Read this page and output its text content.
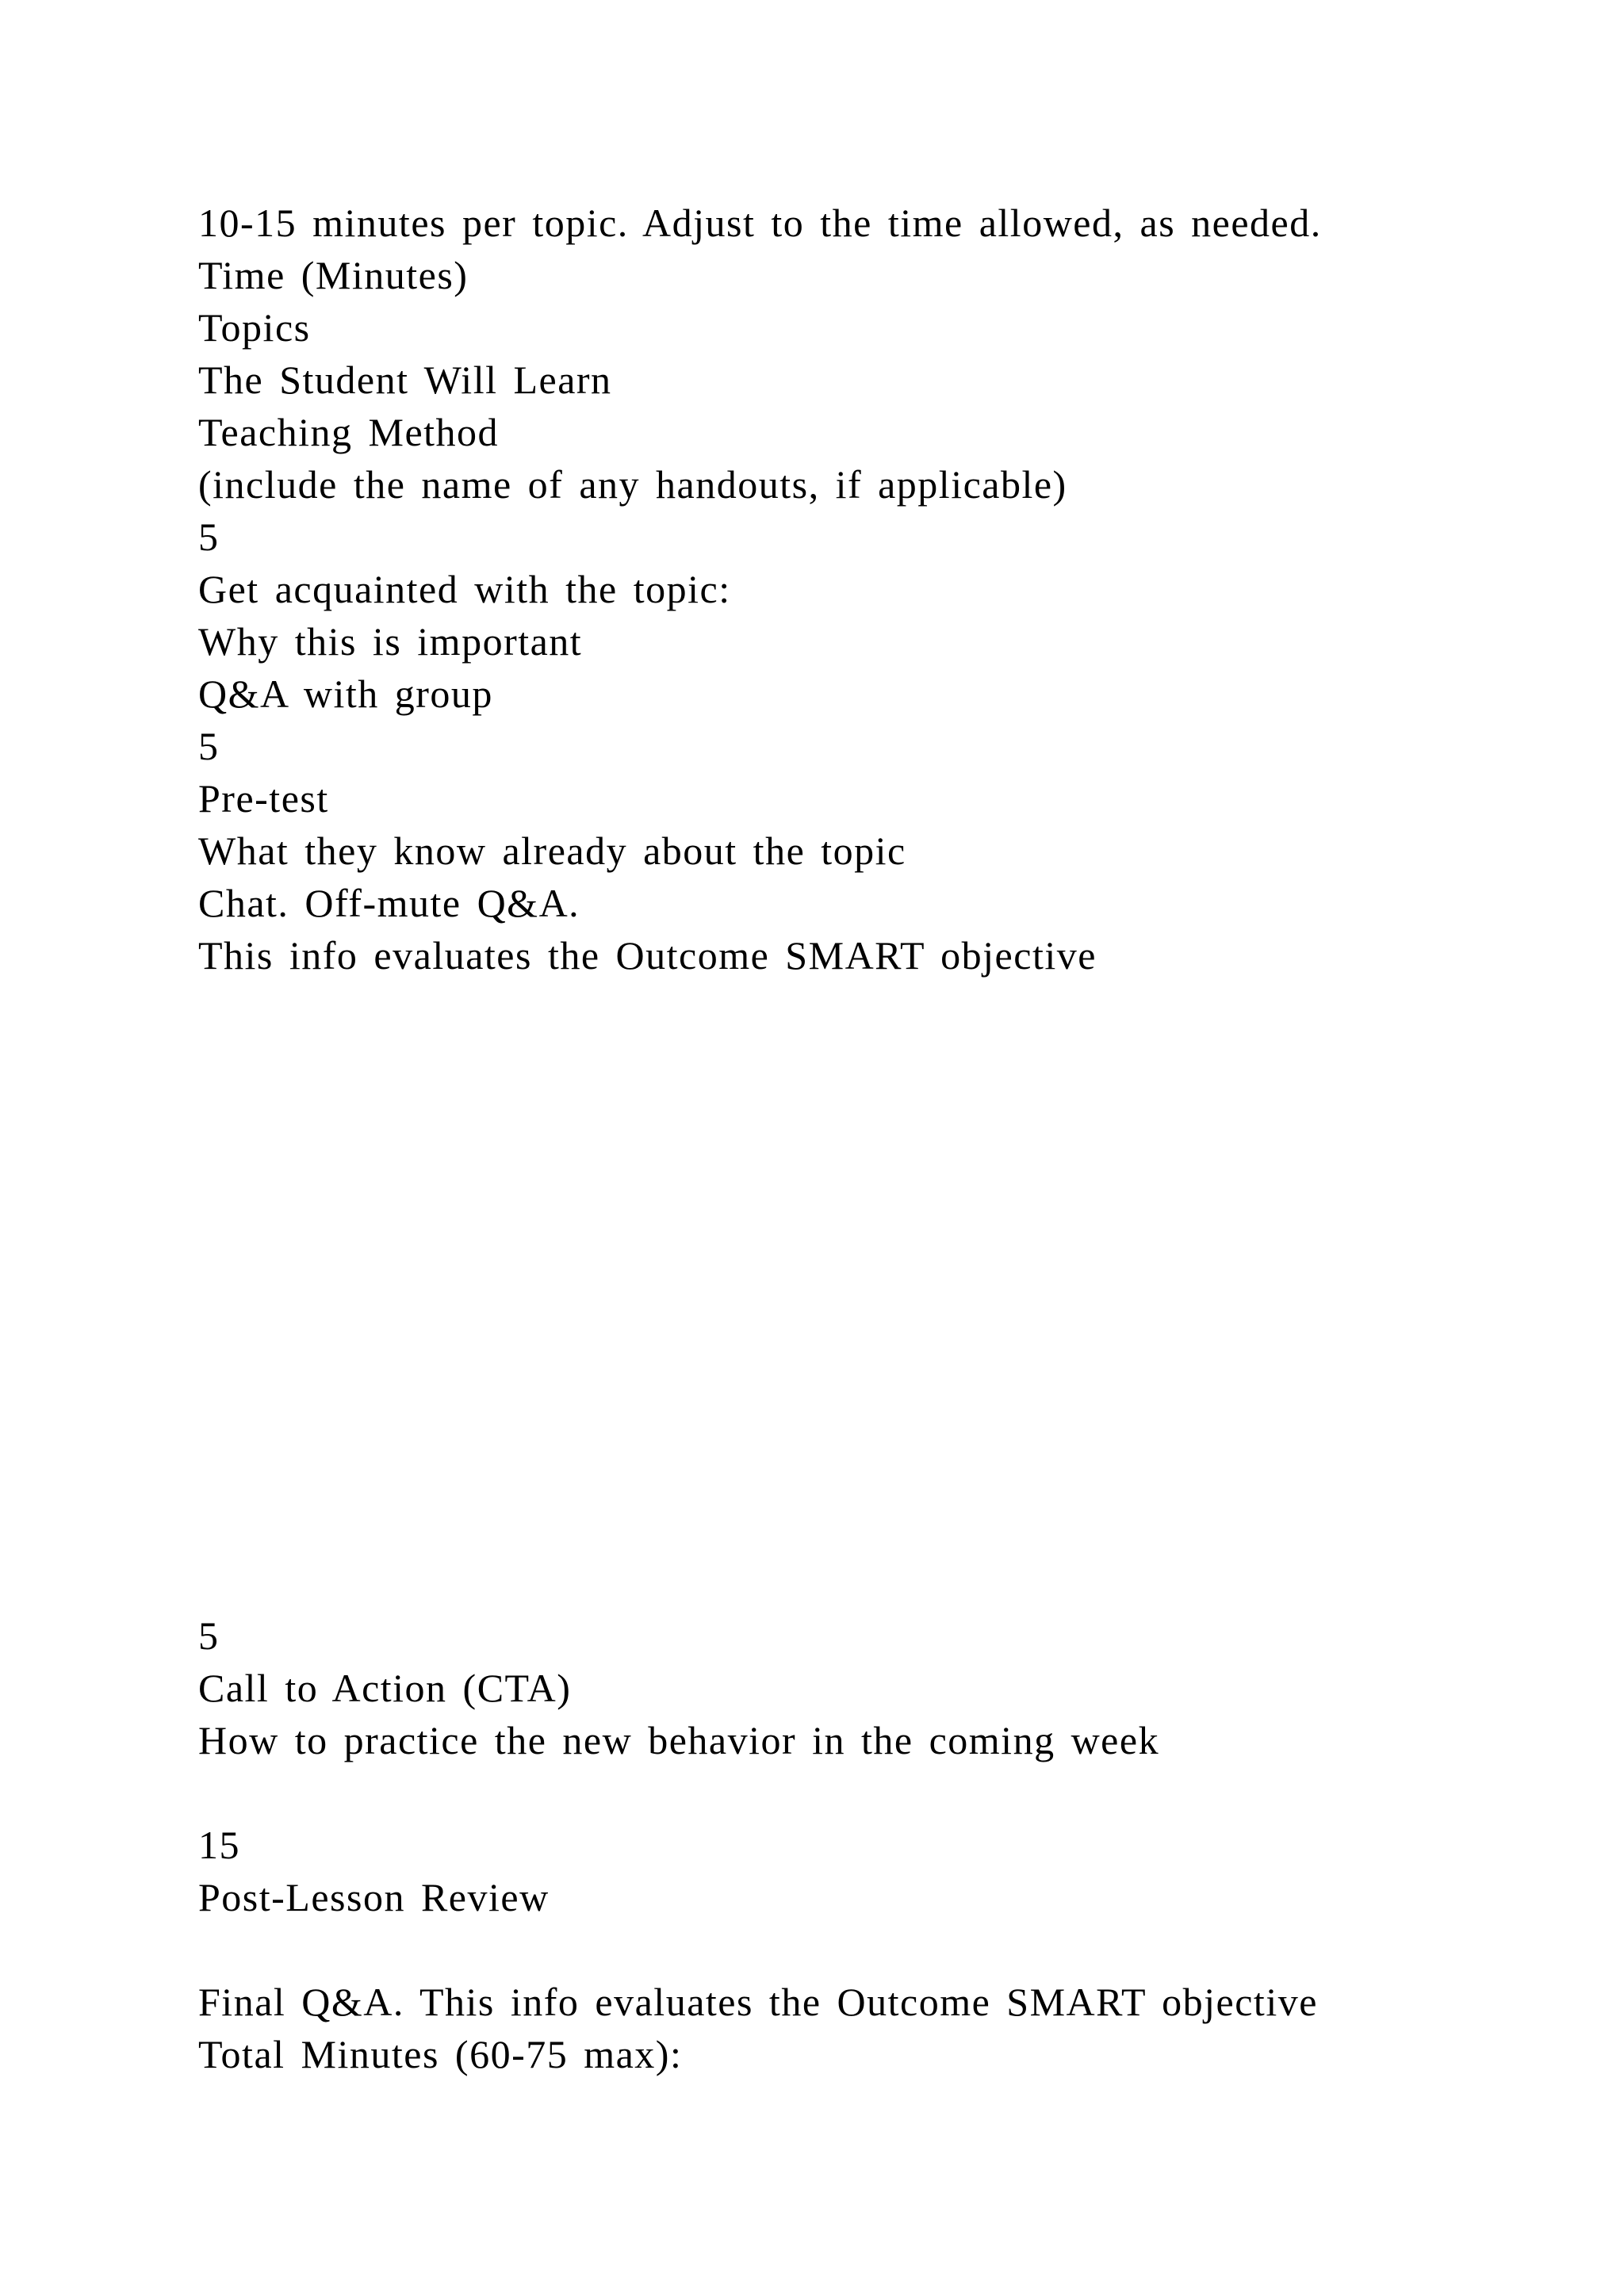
10-15 minutes per topic. Adjust to the time allowed, as needed.

Time (Minutes)

Topics

The Student Will Learn

Teaching Method

(include the name of any handouts, if applicable)

5

Get acquainted with the topic:

Why this is important

Q&A with group

5

Pre-test

What they know already about the topic

Chat. Off-mute Q&A.

This info evaluates the Outcome SMART objective

5

Call to Action (CTA)

How to practice the new behavior in the coming week

15

Post-Lesson Review

Final Q&A. This info evaluates the Outcome SMART objective

Total Minutes (60-75 max):
